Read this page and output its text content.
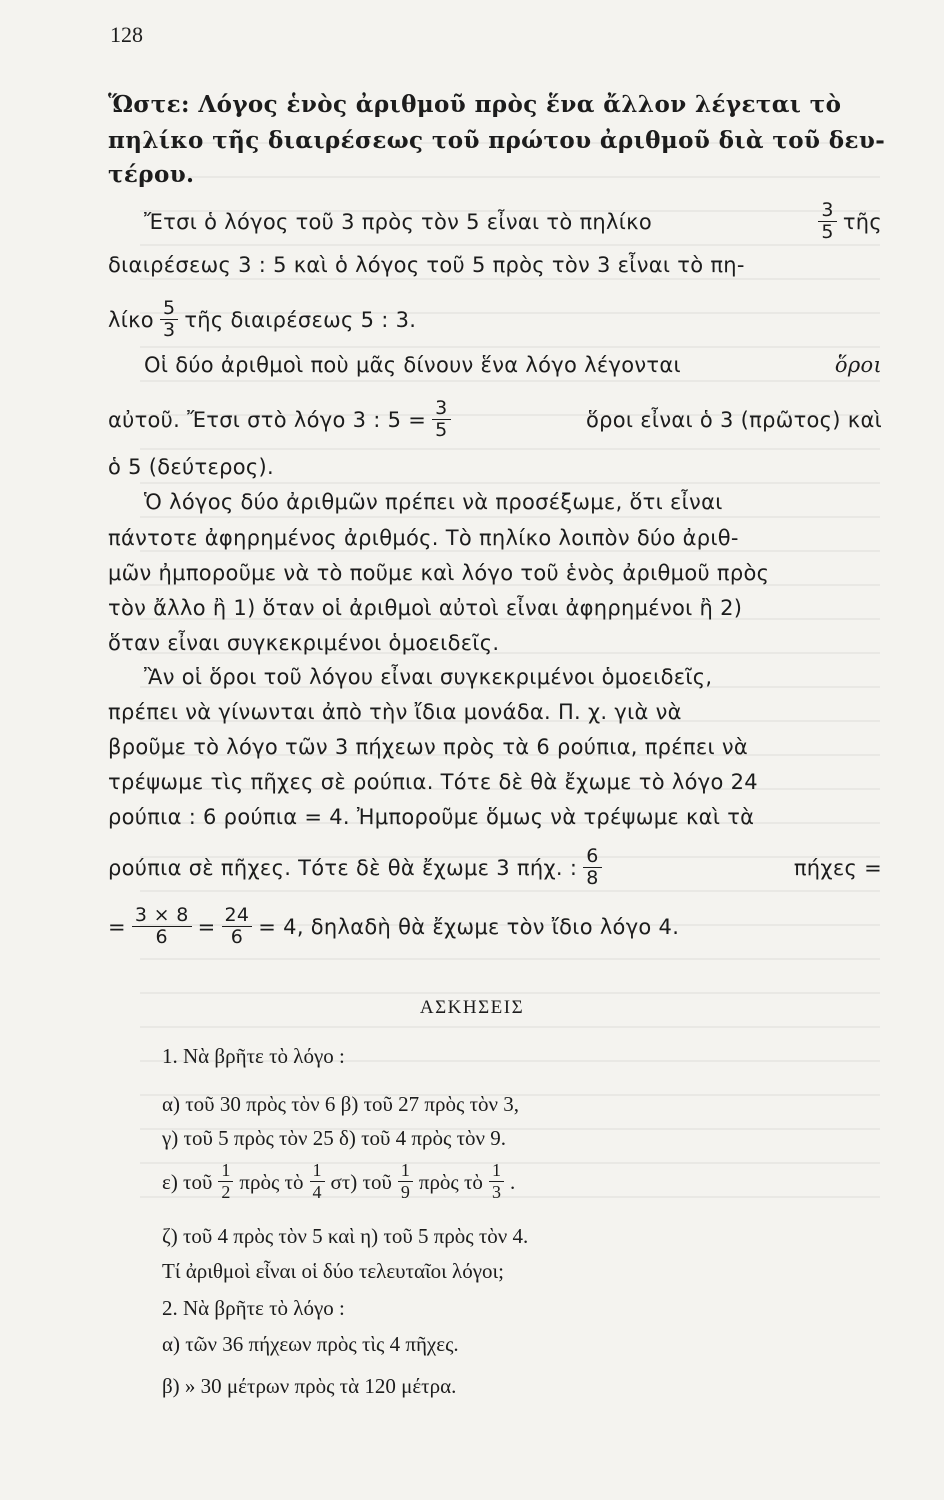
128
Ὥστε: Λόγος ἑνὸς ἀριθμοῦ πρὸς ἕνα ἄλλον λέγεται τὸ
πηλίκο τῆς διαιρέσεως τοῦ πρώτου ἀριθμοῦ διὰ τοῦ δευ-
τέρου.
Ἔτσι ὁ λόγος τοῦ 3 πρὸς τὸν 5 εἶναι τὸ πηλίκο	$\frac{3}{5}$ τῆς
διαιρέσεως 3 : 5 καὶ ὁ λόγος τοῦ 5 πρὸς τὸν 3 εἶναι τὸ πη-
λίκο $\frac{5}{3}$ τῆς διαιρέσεως 5 : 3.
Οἱ δύο ἀριθμοὶ ποὺ μᾶς δίνουν ἕνα λόγο λέγονται	ὅροι
αὐτοῦ. Ἔτσι στὸ λόγο 3 : $5 = \frac{3}{5}$	ὅροι εἶναι ὁ 3 (πρῶτος) καὶ
ὁ 5 (δεύτερος).
Ὁ λόγος δύο ἀριθμῶν πρέπει νὰ προσέξωμε, ὅτι εἶναι
πάντοτε ἀφηρημένος ἀριθμός. Τὸ πηλίκο λοιπὸν δύο ἀριθ-
μῶν ἠμποροῦμε νὰ τὸ ποῦμε καὶ λόγο τοῦ ἑνὸς ἀριθμοῦ πρὸς
τὸν ἄλλο ἢ 1) ὅταν οἱ ἀριθμοὶ αὐτοὶ εἶναι ἀφηρημένοι ἢ 2)
ὅταν εἶναι συγκεκριμένοι ὁμοειδεῖς.
Ἂν οἱ ὅροι τοῦ λόγου εἶναι συγκεκριμένοι ὁμοειδεῖς,
πρέπει νὰ γίνωνται ἀπὸ τὴν ἴδια μονάδα. Π. χ. γιὰ νὰ
βροῦμε τὸ λόγο τῶν 3 πήχεων πρὸς τὰ 6 ρούπια, πρέπει νὰ
τρέψωμε τὶς πῆχες σὲ ρούπια. Τότε δὲ θὰ ἔχωμε τὸ λόγο 24
ρούπια : 6 ρούπια = 4. Ἠμποροῦμε ὅμως νὰ τρέψωμε καὶ τὰ
ρούπια σὲ πῆχες. Τότε δὲ θὰ ἔχωμε 3 πήχ. : $\frac{6}{8}$	πήχες =
= $\frac{3 \times 8}{6} = \frac{24}{6} = 4$, δηλαδὴ θὰ ἔχωμε τὸν ἴδιο λόγο 4.
ΑΣΚΗΣΕΙΣ
1. Νὰ βρῆτε τὸ λόγο :
α) τοῦ 30 πρὸς τὸν 6 β) τοῦ 27 πρὸς τὸν 3,
γ) τοῦ 5 πρὸς τὸν 25 δ) τοῦ 4 πρὸς τὸν 9.
ε) τοῦ $\frac{1}{2}$ πρὸς τὸ $\frac{1}{4} \sigma\tau$) τοῦ $\frac{1}{9}$ πρὸς τὸ $\frac{1}{3}$ .
ζ) τοῦ 4 πρὸς τὸν 5 καὶ η) τοῦ 5 πρὸς τὸν 4.
Τί ἀριθμοὶ εἶναι οἱ δύο τελευταῖοι λόγοι;
2. Νὰ βρῆτε τὸ λόγο :
α) τῶν 36 πήχεων πρὸς τὶς 4 πῆχες.
β) » 30 μέτρων πρὸς τὰ 120 μέτρα.
